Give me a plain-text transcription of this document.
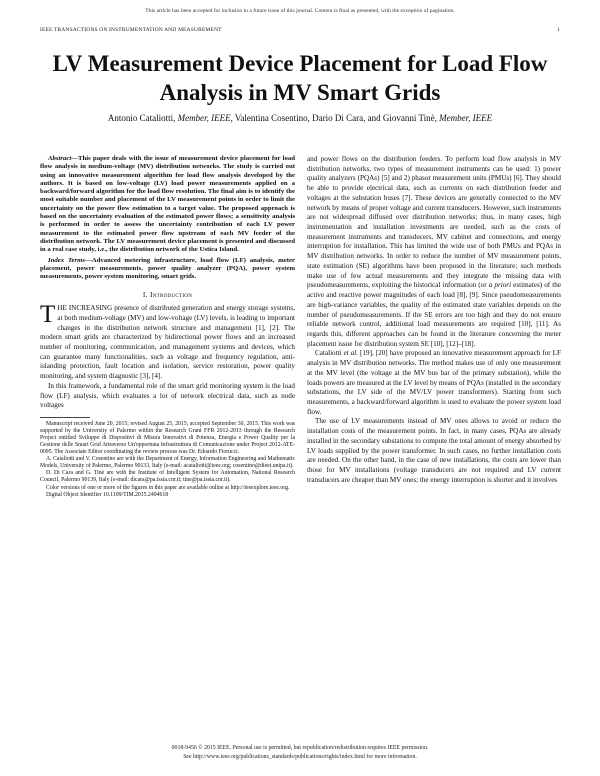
This article has been accepted for inclusion in a future issue of this journal. Content is final as presented, with the exception of pagination.
IEEE TRANSACTIONS ON INSTRUMENTATION AND MEASUREMENT	1
LV Measurement Device Placement for Load Flow Analysis in MV Smart Grids
Antonio Cataliotti, Member, IEEE, Valentina Cosentino, Dario Di Cara, and Giovanni Tinè, Member, IEEE

Abstract—This paper deals with the issue of measurement device placement for load flow analysis in medium-voltage (MV) distribution networks. The study is carried out using an innovative measurement algorithm for load flow analysis developed by the authors. It is based on low-voltage (LV) load power measurements applied on a backward/forward algorithm for the load flow resolution. The final aim is to identify the most suitable number and placement of the LV measurement points in order to limit the uncertainty on the power flow estimation to a target value. The proposed approach is based on the uncertainty evaluation of the estimated power flows; a sensitivity analysis is performed in order to assess the uncertainty contribution of each LV power measurement to the estimated power flow upstream of each MV feeder of the distribution network. The LV measurement device placement is presented and discussed in a real case study, i.e., the distribution network of the Ustica Island.

Index Terms—Advanced metering infrastructure, load flow (LF) analysis, meter placement, power measurements, power quality analyzer (PQA), power system measurements, power system monitoring, smart grids.

I. Introduction

THE INCREASING presence of distributed generation and energy storage systems, at both medium-voltage (MV) and low-voltage (LV) levels, is leading to important changes in the distribution network structure and management [1], [2]. The modern smart grids are characterized by bidirectional power flows and an increased number of monitoring, communication, and management systems and devices, which can guarantee many functionalities, such as voltage and frequency regulation, anti-islanding protection, fault location and isolation, service restoration, power quality monitoring, and system diagnostic [3], [4].

In this framework, a fundamental role of the smart grid monitoring system is the load flow (LF) analysis, which evaluates a lot of network electrical data, such as node voltages

Manuscript received June 20, 2015; revised August 25, 2015; accepted September 30, 2015. This work was supported by the University of Palermo within the Research Grant FFR 2012-2013 through the Research Project entitled Sviluppo di Dispositivi di Misura Innovativi di Potenza, Energia e Power Quality per la Gestione delle Smart Grid Attraverso Un'opportuna Infrastruttura di Comunicazione under Project 2012-ATE-0095. The Associate Editor coordinating the review process was Dr. Edoardo Fiorucci.

A. Cataliotti and V. Cosentino are with the Department of Energy, Information Engineering and Mathematic Models, University of Palermo, Palermo 90133, Italy (e-mail: acataliotti@ieee.org; cosentino@dieet.unipa.it).

D. Di Cara and G. Tinè are with the Institute of Intelligent System for Automation, National Research Council, Palermo 90139, Italy (e-mail: dicara@pa.issia.cnr.it; tine@pa.issia.cnr.it).

Color versions of one or more of the figures in this paper are available online at http://ieeexplore.ieee.org.

Digital Object Identifier 10.1109/TIM.2015.2494618

and power flows on the distribution feeders. To perform load flow analysis in MV distribution networks, two types of measurement instruments can be used: 1) power quality analyzers (PQAs) [5] and 2) phasor measurement units (PMUs) [6]. They should be able to provide electrical data, such as currents on each distribution feeder and voltages at the substation buses [7]. These devices are generally connected to the MV network by means of proper voltage and current transducers. However, such instruments are not widespread diffused over distribution networks; thus, in many cases, high instrumentation and installation investments are needed, such as the costs of measurement instruments and transducers, MV cabinet and connections, and energy interruption for installation. This has limited the wide use of both PMUs and PQAs in MV distribution networks. In order to reduce the number of MV measurement points, state estimation (SE) algorithms have been proposed in the literature; such methods make use of few actual measurements and they integrate the missing data with pseudomeasurements, exploiting the historical information (or a priori estimates) of the active and reactive power magnitudes of each load [8], [9]. Since pseudomeasurements are high-variance variables, the quality of the estimated state variables depends on the number of pseudomeasurements. If the SE errors are too high and they do not ensure reliable network control, additional load measurements are required [10], [11]. As regards this, different approaches can be found in the literature concerning the meter placement issue for distribution system SE [10], [12]–[18].

Cataliotti et al. [19], [20] have proposed an innovative measurement approach for LF analysis in MV distribution networks. The method makes use of only one measurement at the MV level (the voltage at the MV bus bar of the primary substation), while the loads powers are measured at the LV level by means of PQAs (installed in the secondary substations, the LV side of the MV/LV power transformers). Starting from such measurements, a backward/forward algorithm is used to evaluate the power system load flow.

The use of LV measurements instead of MV ones allows to avoid or reduce the installation costs of the measurement points. In fact, in many cases, PQAs are already installed in the secondary substations to compute the total amount of energy absorbed by LV loads supplied by the power transformer. In such cases, no further installation costs are needed. On the other hand, in the case of new installations, the costs are lower than those for MV installations (voltage transducers are not required and LV current transducers are cheaper than MV ones; the energy interruption is shorter and it involves

0018-9456 © 2015 IEEE. Personal use is permitted, but republication/redistribution requires IEEE permission.
See http://www.ieee.org/publications_standards/publications/rights/index.html for more information.
